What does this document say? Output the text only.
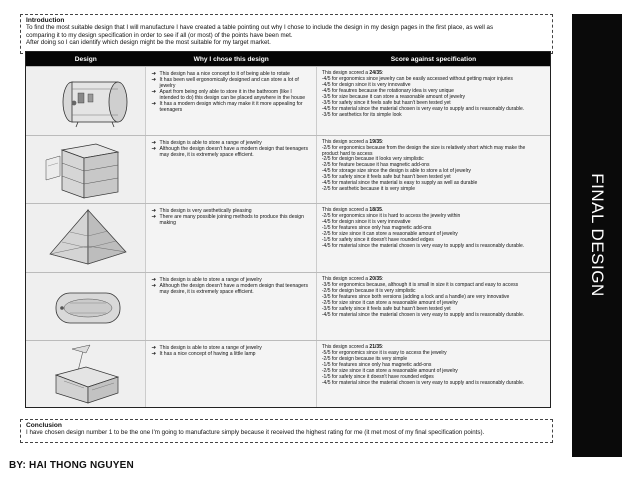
Introduction
To find the most suitable design that I will manufacture I have created a table pointing out why I chose to include the design in my design pages in the first place, as well as
comparing it to my design specification in order to see if all (or most) of the points have been met.
After doing so I can identify which design might be the most suitable for my target market.
Design	Why I chose this design	Score against specification
➔ This design has a nice concept to it of being able to rotate
➔ It has been well ergonomically designed and can store a lot of jewelry
➔ Apart from being only able to store it in the bathroom (like I intended to do) this design can be placed anywhere in the house
➔ It has a modern design which may make it it more appealing for teenagers
This design scored a 24/35:
-4/5 for ergonomics since jewelry can be easily accessed without getting major injuries
-4/5 for design since it is very innovative
-4/5 for feautres because the rotationary idea is very unique
-3/5 for size because it can store a reasonable amount of jewelry
-3/5 for safety since it feels safe but hasn't been tested yet
-4/5 for material since the material chosen is very easy to supply and is reasonably durable.
-3/5 for aesthetics for its simple look
➔ This design is able to store a range of jewelry
➔ Although the design doesn't have a modern design that teenagers may desire, it is extremely space efficient.
This design scored a 19/35:
-2/5 for ergonomics because from the design the size is relatively short which may make the
product hard to access
-2/5 for design because it looks very simplistic
-2/5 for feature because it has magnetic add-ons
-4/5 for storage size since the design is able to store a lot of jewelry
-3/5 for safety since it feels safe but hasn't been tested yet
-4/5 for material since the material is easy to supply as well as durable
-2/5 for aesthetic because it is very simple
➔ This design is very aesthetically pleasing
➔ There are many possible joining methods to produce this design making
This design scored a 18/35.
-2/5 for ergonomics since it is hard to access the jewelry within
-4/5 for design since it is very innovative
-1/5 for features since only has magnetic add-ons
-2/5 for size since it can store a reasonable amount of jewelry
-1/5 for safety since it doesn't have rounded edges
-4/5 for material since the material chosen is very easy to supply and is reasonably durable.
➔ This design is able to store a range of jewelry
➔ Although the design doesn't have a modern design that teenagers may desire, it is extremely space efficient.
This design scored a 20/35:
-3/5 for ergonomics because, although it is small in size it is compact and easy to access
-2/5 for design because it is very simplistic
-3/5 for features since both versions (adding a lock and a handle) are very innovative
-2/5 for size since it can store a reasonable amount of jewelry
-3/5 for safety since it feels safe but hasn't been tested yet
-4/5 for material since the material chosen is very easy to supply and is reasonably durable.
➔ This design is able to store a range of jewelry
➔ It has a nice concept of having a little lamp
This design scored a 21/35:
-5/5 for ergonomics since it is easy to access the jewelry
-2/5 for design because its very simple
-1/5 for features since only has magnetic add-ons
-2/5 for size since it can store a reasonable amount of jewelry
-1/5 for safety since it doesn't have rounded edges
-4/5 for material since the material chosen is very easy to supply and is reasonably durable.
Conclusion
I have chosen design number 1 to be the one I'm going to manufacture simply because it received the highest rating for me (it met most of my final specification points).
BY: HAI THONG NGUYEN
FINAL DESIGN
